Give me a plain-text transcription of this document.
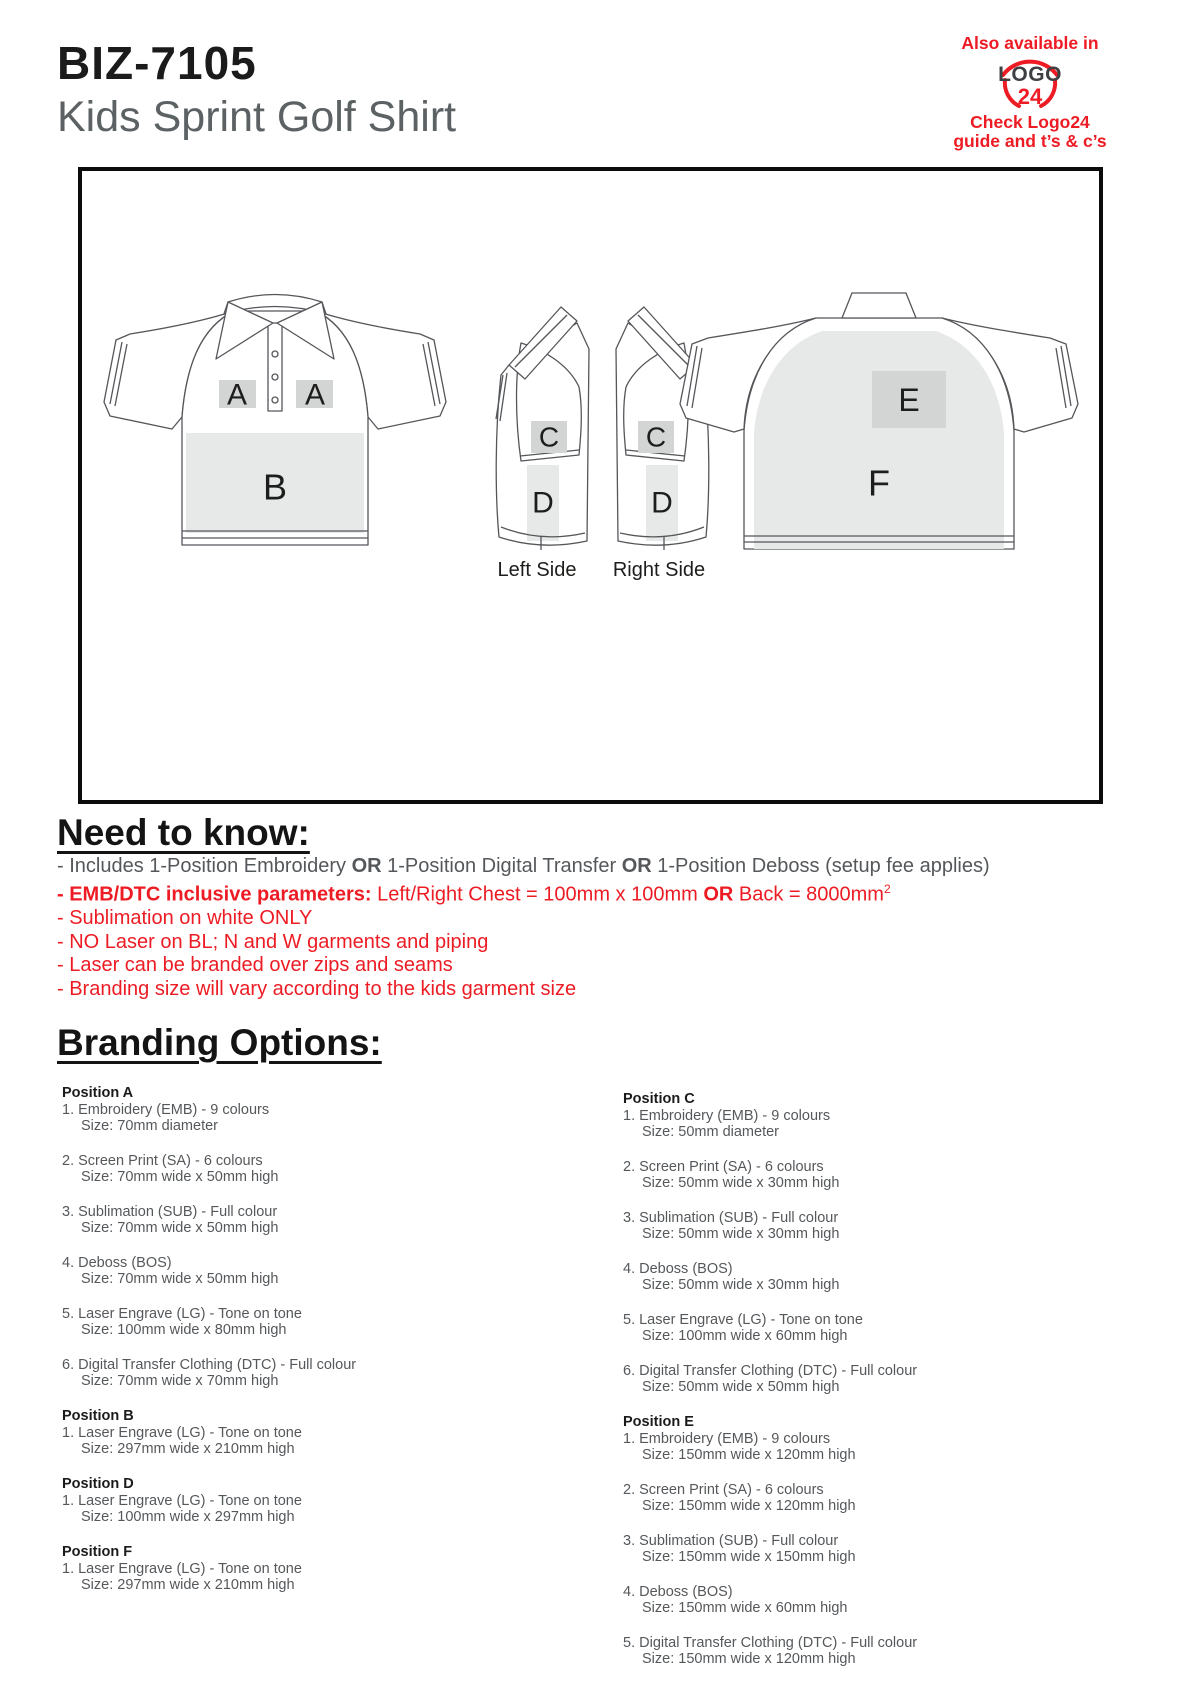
BIZ-7105
Kids Sprint Golf Shirt
Also available in
LOGO
24
Check Logo24
guide and t’s & c’s
A A
B
C
D
C
D
Left Side Right Side
E
F
Need to know:
- Includes 1-Position Embroidery OR 1-Position Digital Transfer OR 1-Position Deboss (setup fee applies)
- EMB/DTC inclusive parameters: Left/Right Chest = 100mm x 100mm OR Back = $8000mm^2$
- Sublimation on white ONLY
- NO Laser on BL; N and W garments and piping
- Laser can be branded over zips and seams
- Branding size will vary according to the kids garment size
Branding Options:
Position A
1. Embroidery (EMB) - 9 colours
Size: 70mm diameter
2. Screen Print (SA) - 6 colours
Size: 70mm wide x 50mm high
3. Sublimation (SUB) - Full colour
Size: 70mm wide x 50mm high
4. Deboss (BOS)
Size: 70mm wide x 50mm high
5. Laser Engrave (LG) - Tone on tone
Size: 100mm wide x 80mm high
6. Digital Transfer Clothing (DTC) - Full colour
Size: 70mm wide x 70mm high
Position B
1. Laser Engrave (LG) - Tone on tone
Size: 297mm wide x 210mm high
Position D
1. Laser Engrave (LG) - Tone on tone
Size: 100mm wide x 297mm high
Position F
1. Laser Engrave (LG) - Tone on tone
Size: 297mm wide x 210mm high
Position C
1. Embroidery (EMB) - 9 colours
Size: 50mm diameter
2. Screen Print (SA) - 6 colours
Size: 50mm wide x 30mm high
3. Sublimation (SUB) - Full colour
Size: 50mm wide x 30mm high
4. Deboss (BOS)
Size: 50mm wide x 30mm high
5. Laser Engrave (LG) - Tone on tone
Size: 100mm wide x 60mm high
6. Digital Transfer Clothing (DTC) - Full colour
Size: 50mm wide x 50mm high
Position E
1. Embroidery (EMB) - 9 colours
Size: 150mm wide x 120mm high
2. Screen Print (SA) - 6 colours
Size: 150mm wide x 120mm high
3. Sublimation (SUB) - Full colour
Size: 150mm wide x 150mm high
4. Deboss (BOS)
Size: 150mm wide x 60mm high
5. Digital Transfer Clothing (DTC) - Full colour
Size: 150mm wide x 120mm high
